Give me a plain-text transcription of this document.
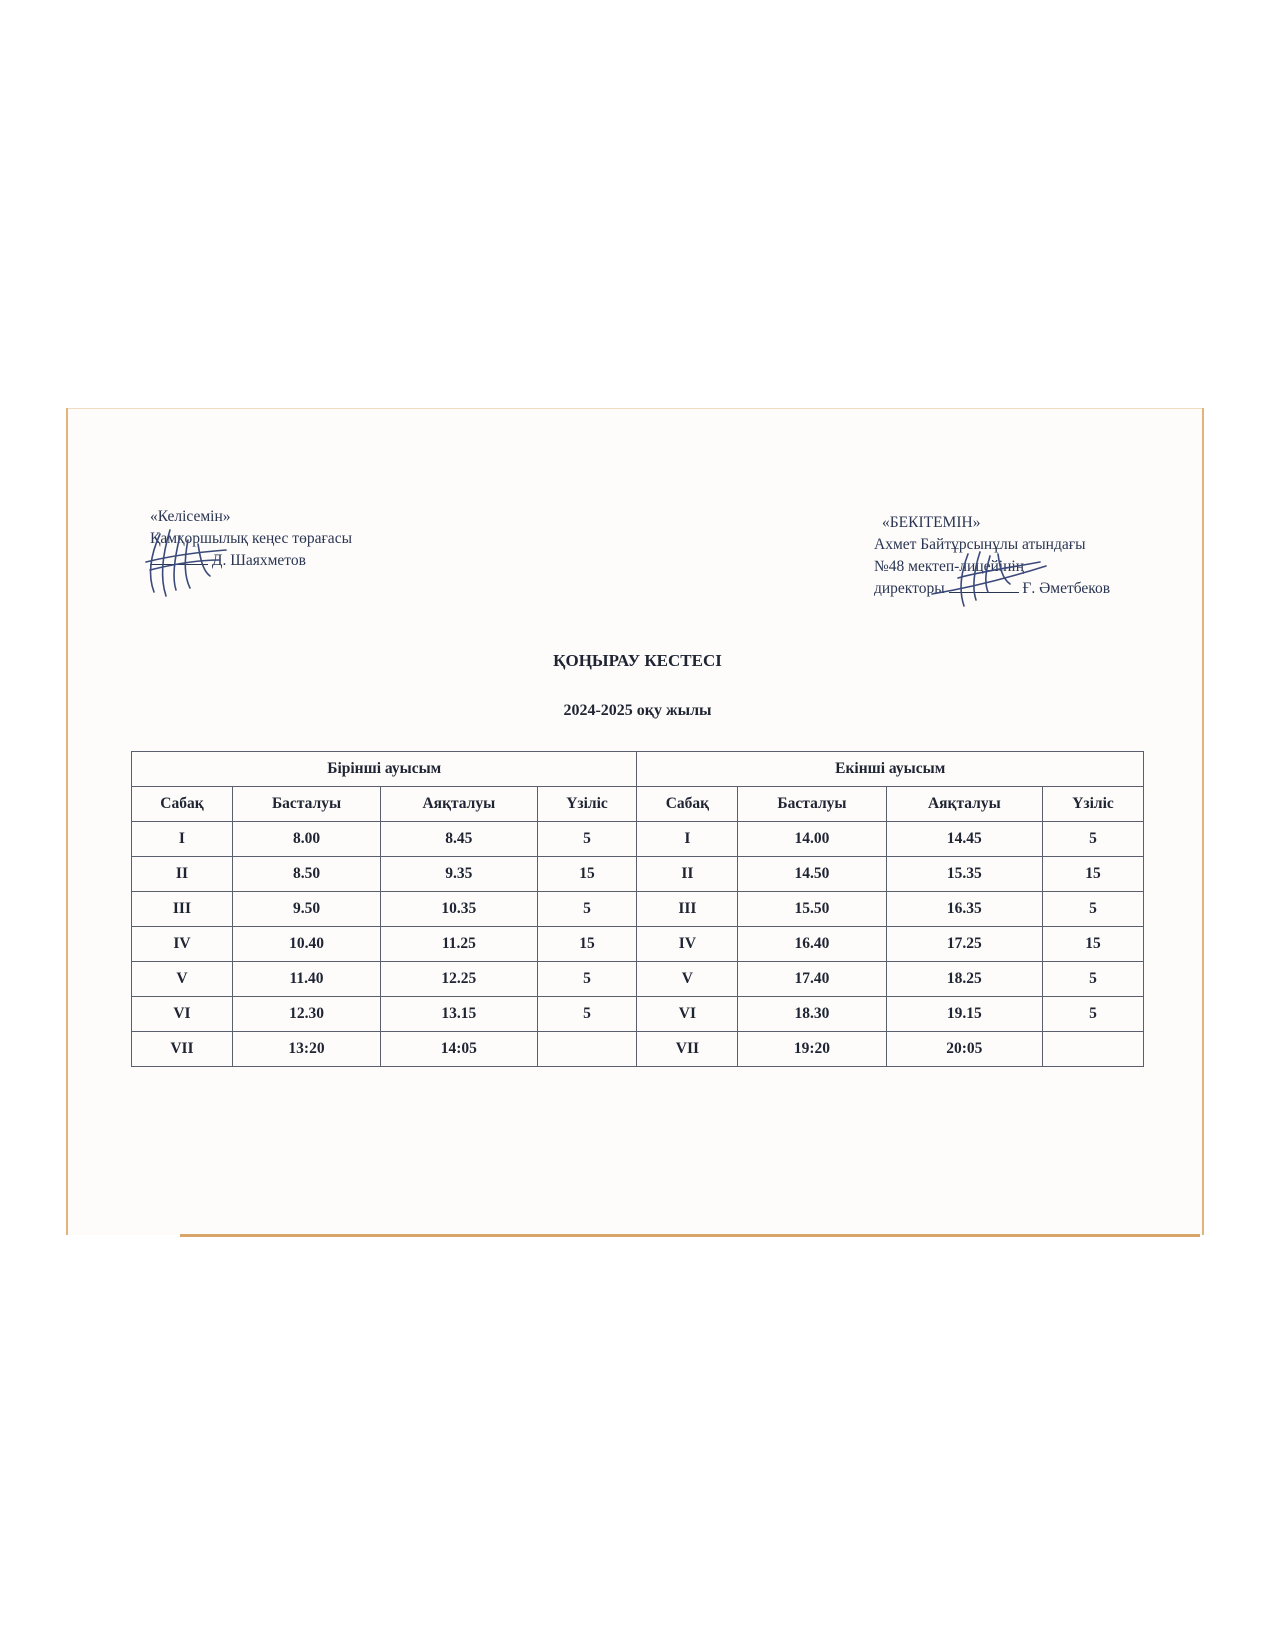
«Келісемін»
Қамқоршылық кеңес төрағасы
Д. Шаяхметов
«БЕКІТЕМІН»
Ахмет Байтұрсынұлы атындағы
№48 мектеп-лицейінің
директоры	Ғ. Әметбеков
ҚОҢЫРАУ КЕСТЕСІ
2024-2025 оқу жылы
Бірінші ауысым				Екінші ауысым			
Сабақ	Басталуы	Аяқталуы	Үзіліс	Сабақ	Басталуы	Аяқталуы	Үзіліс
I	8.00	8.45	5	I	14.00	14.45	5
II	8.50	9.35	15	II	14.50	15.35	15
III	9.50	10.35	5	III	15.50	16.35	5
IV	10.40	11.25	15	IV	16.40	17.25	15
V	11.40	12.25	5	V	17.40	18.25	5
VI	12.30	13.15	5	VI	18.30	19.15	5
VII	13:20	14:05		VII	19:20	20:05	
